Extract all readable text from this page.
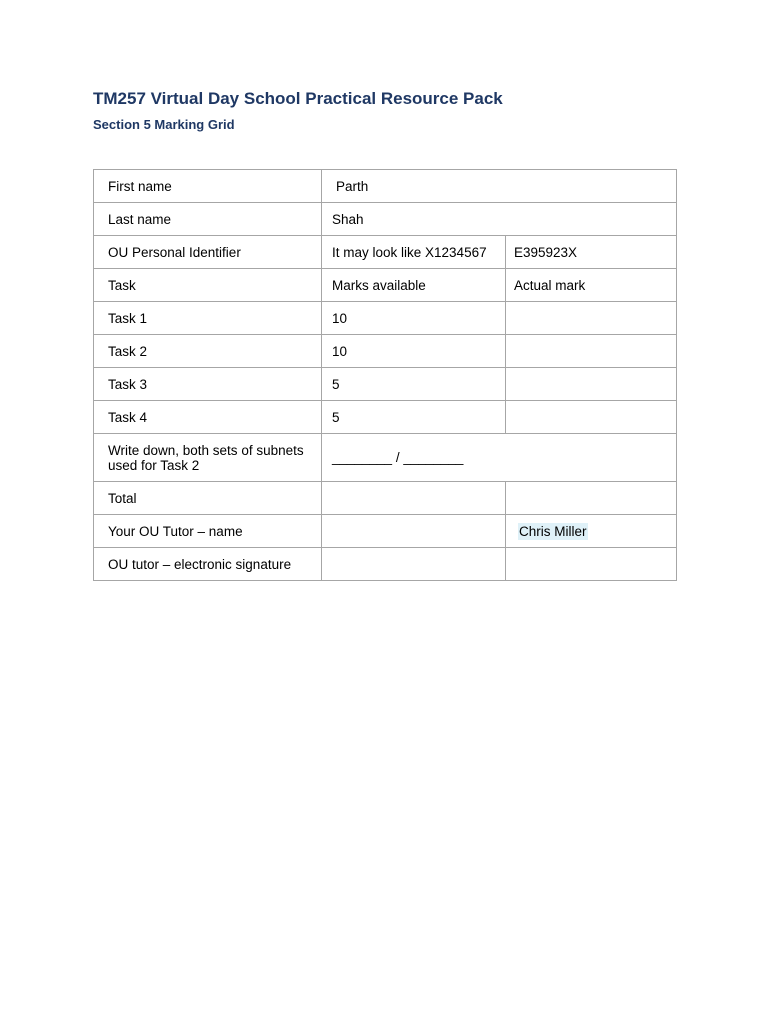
TM257 Virtual Day School Practical Resource Pack
Section 5 Marking Grid
First name	Parth	
Last name	Shah	
OU Personal Identifier	It may look like X1234567	E395923X
Task	Marks available	Actual mark
Task 1	10	
Task 2	10	
Task 3	5	
Task 4	5	
Write down, both sets of subnets used for Task 2	________ / ________	
Total		
Your OU Tutor – name		Chris Miller
OU tutor – electronic signature		
